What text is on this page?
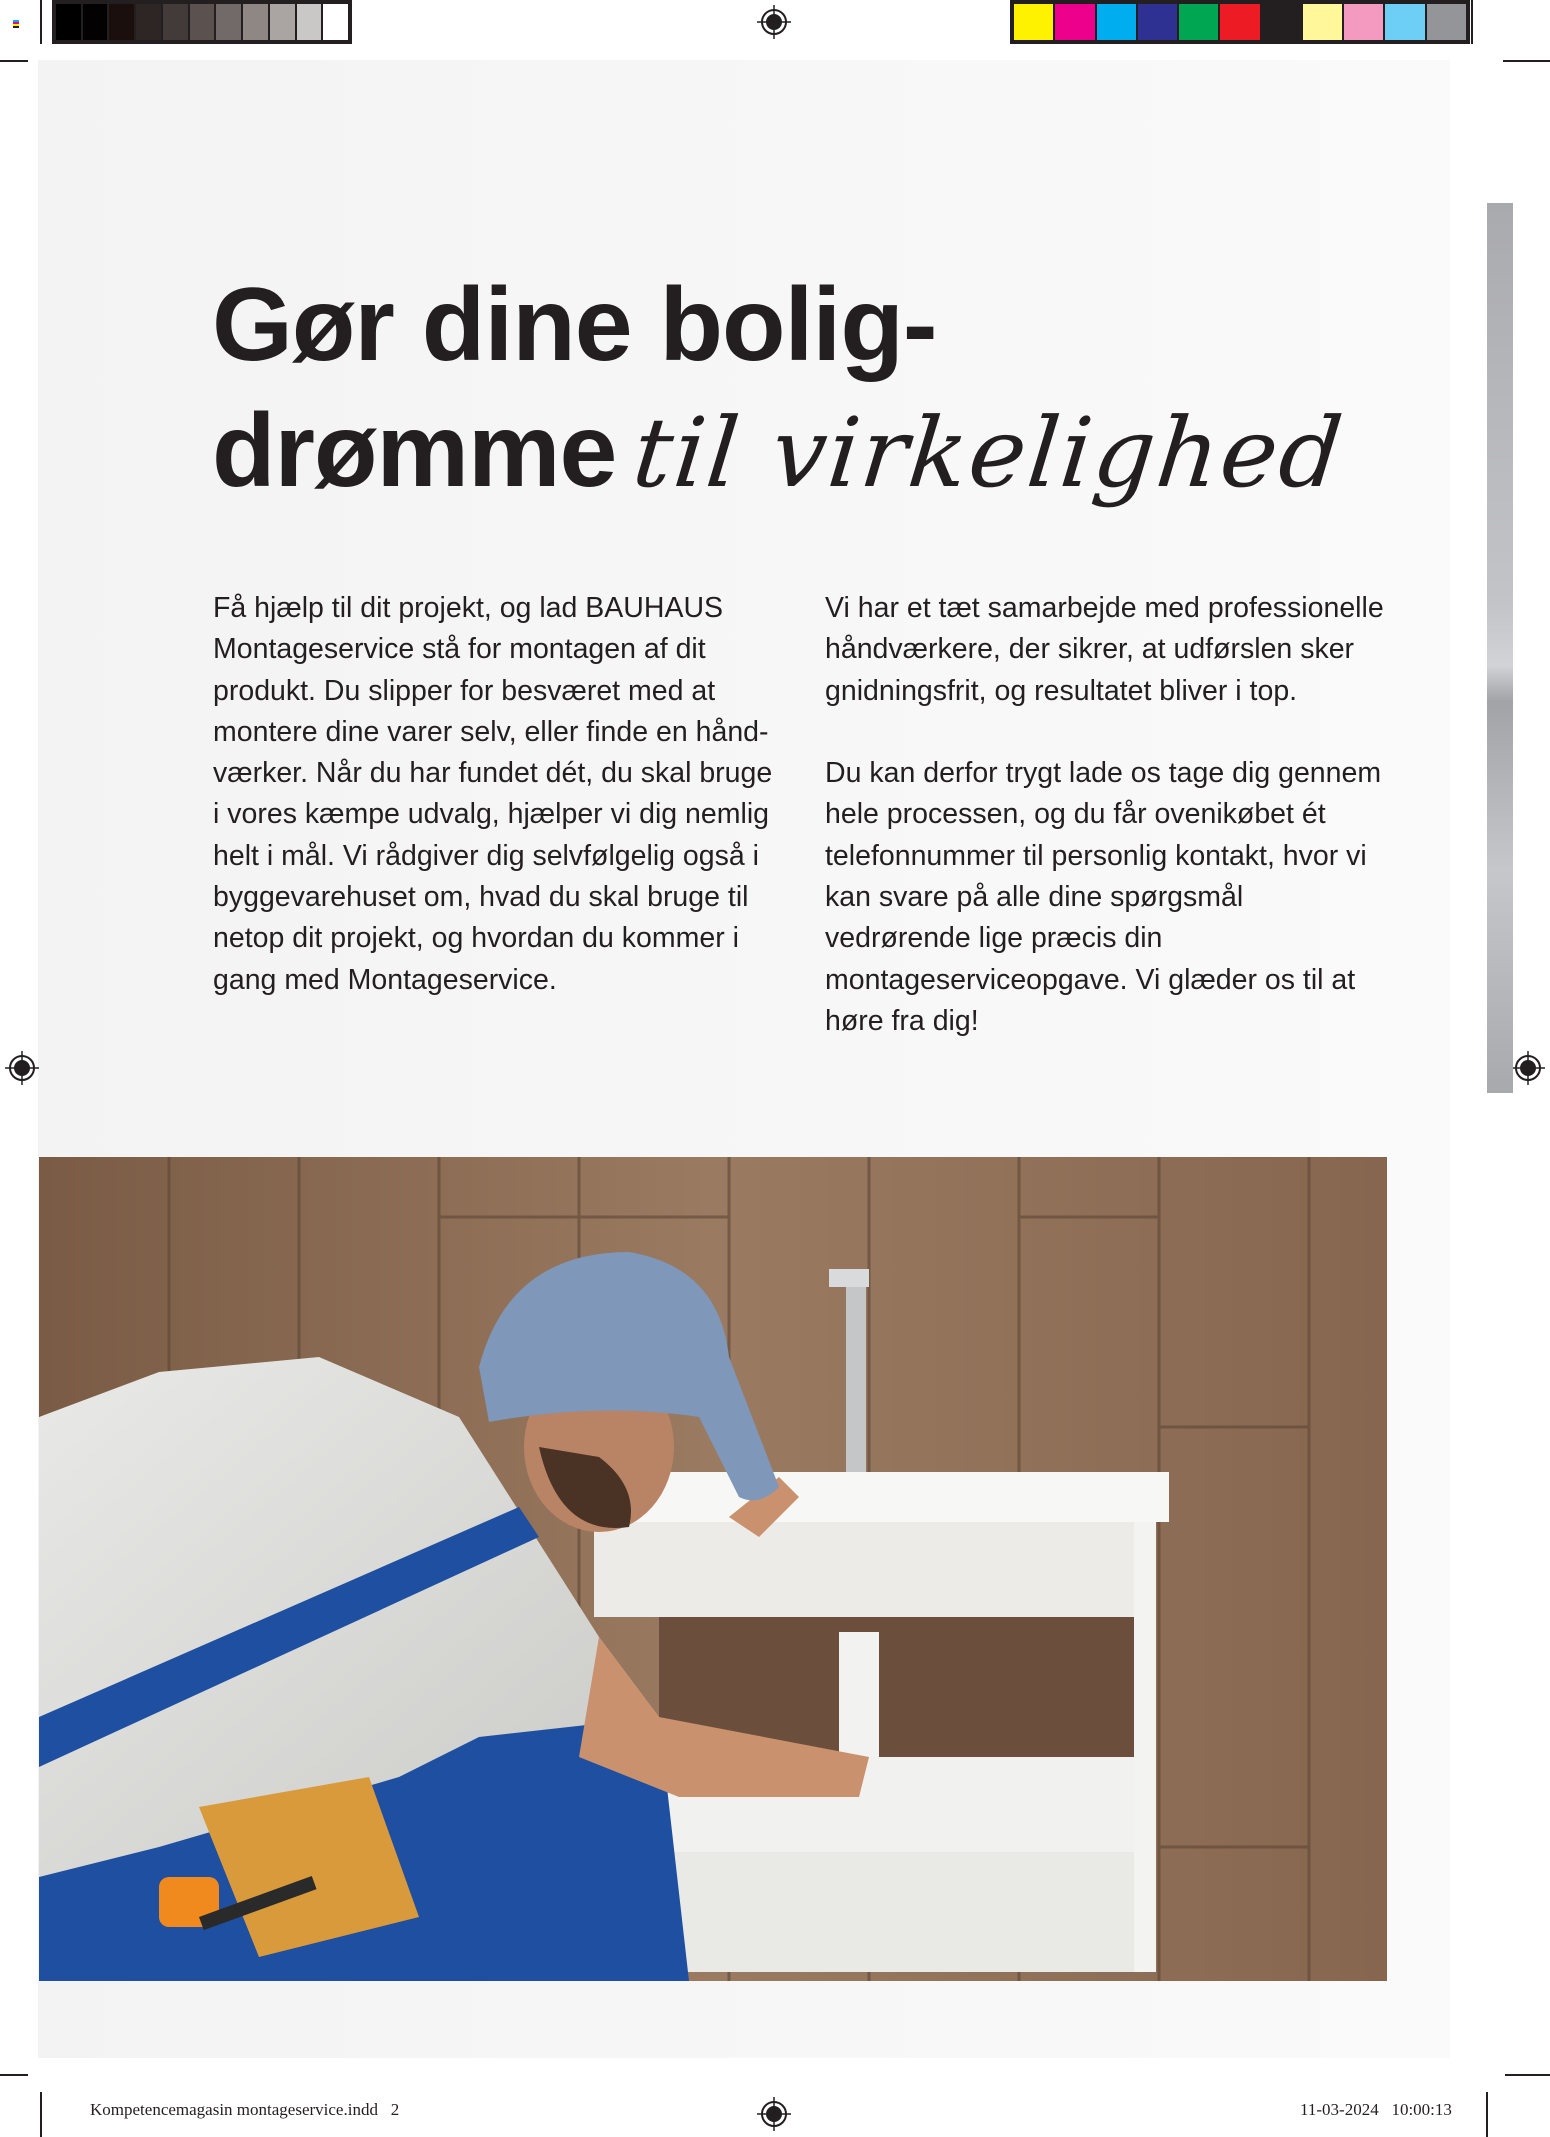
Gør dine bolig-
drømme til virkelighed

Få hjælp til dit projekt, og lad BAUHAUS Montageservice stå for montagen af dit produkt. Du slipper for besværet med at montere dine varer selv, eller finde en hånd-værker. Når du har fundet dét, du skal bruge i vores kæmpe udvalg, hjælper vi dig nemlig helt i mål. Vi rådgiver dig selvfølgelig også i byggevarehuset om, hvad du skal bruge til netop dit projekt, og hvordan du kommer i gang med Montageservice.

Vi har et tæt samarbejde med professionelle håndværkere, der sikrer, at udførslen sker gnidningsfrit, og resultatet bliver i top.

Du kan derfor trygt lade os tage dig gennem hele processen, og du får ovenikøbet ét telefonnummer til personlig kontakt, hvor vi kan svare på alle dine spørgsmål vedrørende lige præcis din montageserviceopgave. Vi glæder os til at høre fra dig!

Kompetencemagasin montageservice.indd   2	11-03-2024   10:00:13
